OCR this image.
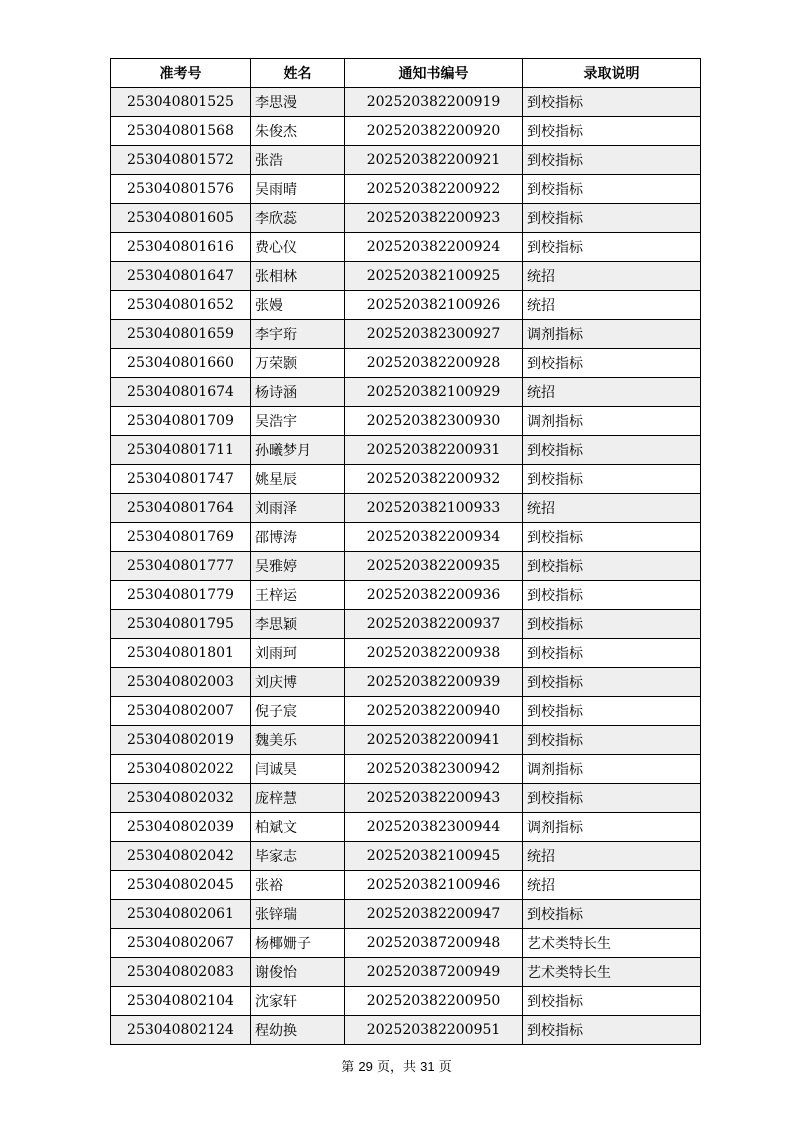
准考号	姓名	通知书编号	录取说明
253040801525	李思漫	202520382200919	到校指标
253040801568	朱俊杰	202520382200920	到校指标
253040801572	张浩	202520382200921	到校指标
253040801576	吴雨晴	202520382200922	到校指标
253040801605	李欣蕊	202520382200923	到校指标
253040801616	费心仪	202520382200924	到校指标
253040801647	张相林	202520382100925	统招
253040801652	张嫚	202520382100926	统招
253040801659	李宇珩	202520382300927	调剂指标
253040801660	万荣颢	202520382200928	到校指标
253040801674	杨诗涵	202520382100929	统招
253040801709	吴浩宇	202520382300930	调剂指标
253040801711	孙曦梦月	202520382200931	到校指标
253040801747	姚星辰	202520382200932	到校指标
253040801764	刘雨泽	202520382100933	统招
253040801769	邵博涛	202520382200934	到校指标
253040801777	吴雅婷	202520382200935	到校指标
253040801779	王梓运	202520382200936	到校指标
253040801795	李思颖	202520382200937	到校指标
253040801801	刘雨珂	202520382200938	到校指标
253040802003	刘庆博	202520382200939	到校指标
253040802007	倪子宸	202520382200940	到校指标
253040802019	魏美乐	202520382200941	到校指标
253040802022	闫诚昊	202520382300942	调剂指标
253040802032	庞梓慧	202520382200943	到校指标
253040802039	柏斌文	202520382300944	调剂指标
253040802042	毕家志	202520382100945	统招
253040802045	张裕	202520382100946	统招
253040802061	张锌瑞	202520382200947	到校指标
253040802067	杨椰姗子	202520387200948	艺术类特长生
253040802083	谢俊怡	202520387200949	艺术类特长生
253040802104	沈家轩	202520382200950	到校指标
253040802124	程幼换	202520382200951	到校指标
第 29 页，共 31 页
